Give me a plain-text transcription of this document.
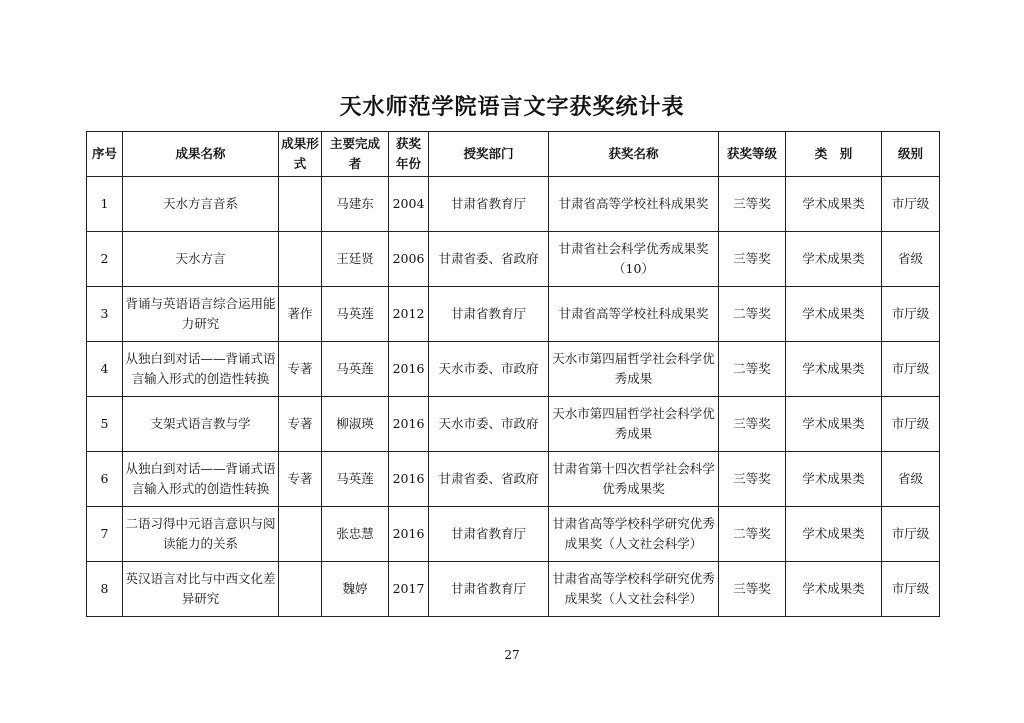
天水师范学院语言文字获奖统计表
序号	成果名称	成果形式	主要完成者	获奖年份	授奖部门	获奖名称	获奖等级	类　别	级别
1	天水方言音系		马建东	2004	甘肃省教育厅	甘肃省高等学校社科成果奖	三等奖	学术成果类	市厅级
2	天水方言		王廷贤	2006	甘肃省委、省政府	甘肃省社会科学优秀成果奖（10）	三等奖	学术成果类	省级
3	背诵与英语语言综合运用能力研究	著作	马英莲	2012	甘肃省教育厅	甘肃省高等学校社科成果奖	二等奖	学术成果类	市厅级
4	从独白到对话——背诵式语言输入形式的创造性转换	专著	马英莲	2016	天水市委、市政府	天水市第四届哲学社会科学优秀成果	二等奖	学术成果类	市厅级
5	支架式语言教与学	专著	柳淑瑛	2016	天水市委、市政府	天水市第四届哲学社会科学优秀成果	三等奖	学术成果类	市厅级
6	从独白到对话——背诵式语言输入形式的创造性转换	专著	马英莲	2016	甘肃省委、省政府	甘肃省第十四次哲学社会科学优秀成果奖	三等奖	学术成果类	省级
7	二语习得中元语言意识与阅读能力的关系		张忠慧	2016	甘肃省教育厅	甘肃省高等学校科学研究优秀成果奖（人文社会科学）	二等奖	学术成果类	市厅级
8	英汉语言对比与中西文化差异研究		魏婷	2017	甘肃省教育厅	甘肃省高等学校科学研究优秀成果奖（人文社会科学）	三等奖	学术成果类	市厅级
27
